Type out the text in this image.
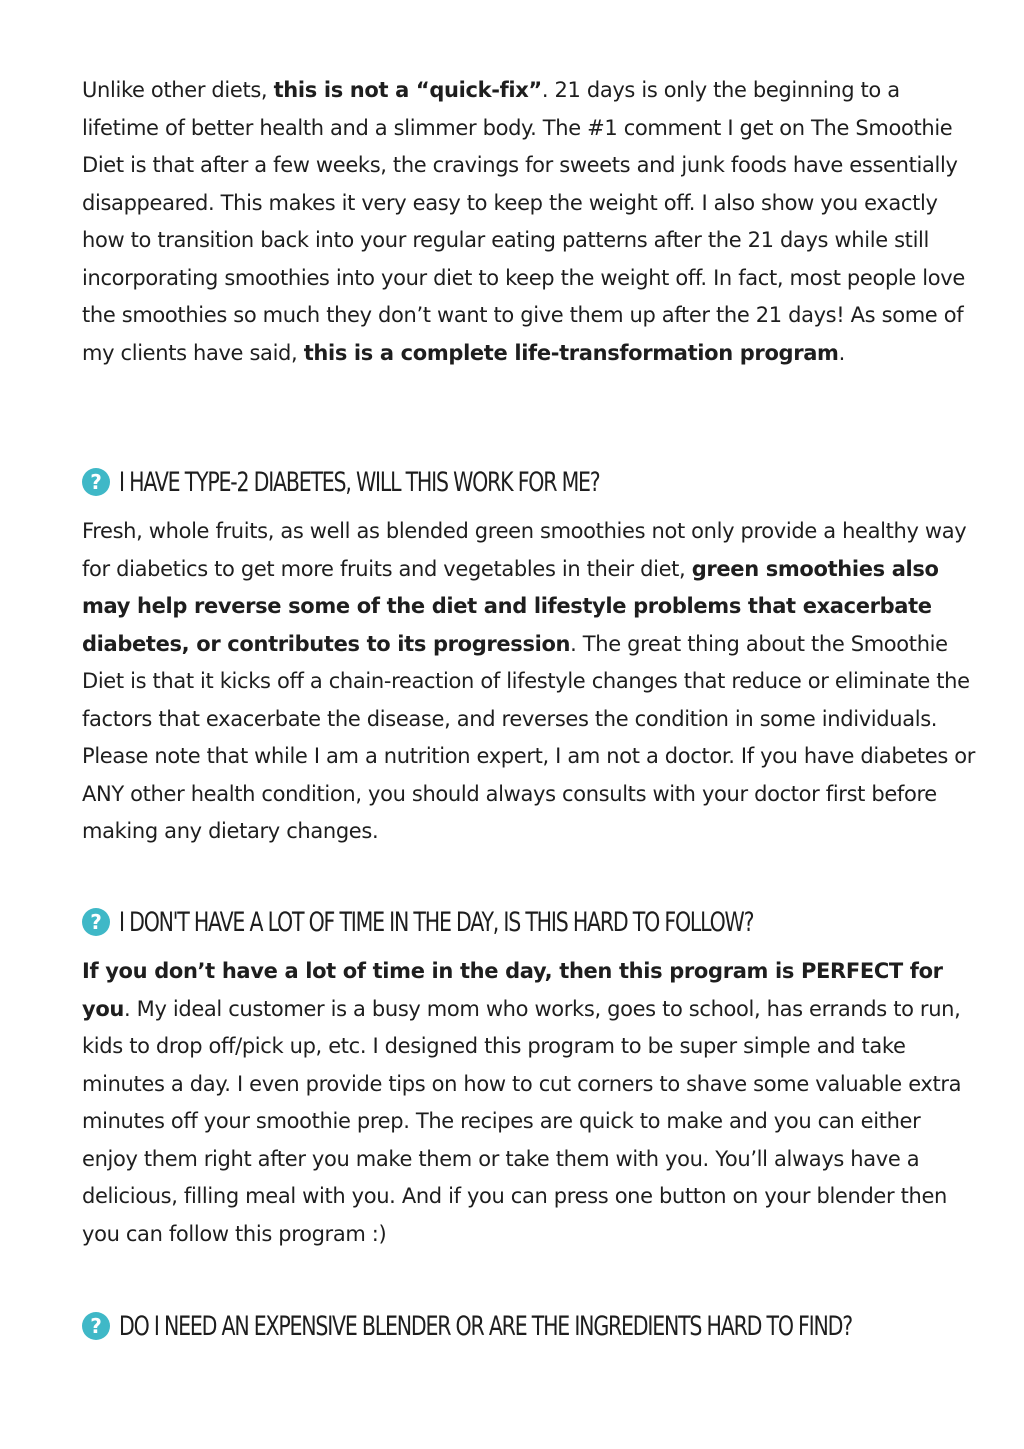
Unlike other diets, this is not a “quick-fix”. 21 days is only the beginning to a lifetime of better health and a slimmer body. The #1 comment I get on The Smoothie Diet is that after a few weeks, the cravings for sweets and junk foods have essentially disappeared. This makes it very easy to keep the weight off. I also show you exactly how to transition back into your regular eating patterns after the 21 days while still incorporating smoothies into your diet to keep the weight off. In fact, most people love the smoothies so much they don’t want to give them up after the 21 days! As some of my clients have said, this is a complete life-transformation program.

? I HAVE TYPE-2 DIABETES, WILL THIS WORK FOR ME?

Fresh, whole fruits, as well as blended green smoothies not only provide a healthy way for diabetics to get more fruits and vegetables in their diet, green smoothies also may help reverse some of the diet and lifestyle problems that exacerbate diabetes, or contributes to its progression. The great thing about the Smoothie Diet is that it kicks off a chain-reaction of lifestyle changes that reduce or eliminate the factors that exacerbate the disease, and reverses the condition in some individuals. Please note that while I am a nutrition expert, I am not a doctor. If you have diabetes or ANY other health condition, you should always consults with your doctor first before making any dietary changes.

? I DON'T HAVE A LOT OF TIME IN THE DAY, IS THIS HARD TO FOLLOW?

If you don’t have a lot of time in the day, then this program is PERFECT for you. My ideal customer is a busy mom who works, goes to school, has errands to run, kids to drop off/pick up, etc. I designed this program to be super simple and take minutes a day. I even provide tips on how to cut corners to shave some valuable extra minutes off your smoothie prep. The recipes are quick to make and you can either enjoy them right after you make them or take them with you. You’ll always have a delicious, filling meal with you. And if you can press one button on your blender then you can follow this program :)

? DO I NEED AN EXPENSIVE BLENDER OR ARE THE INGREDIENTS HARD TO FIND?
